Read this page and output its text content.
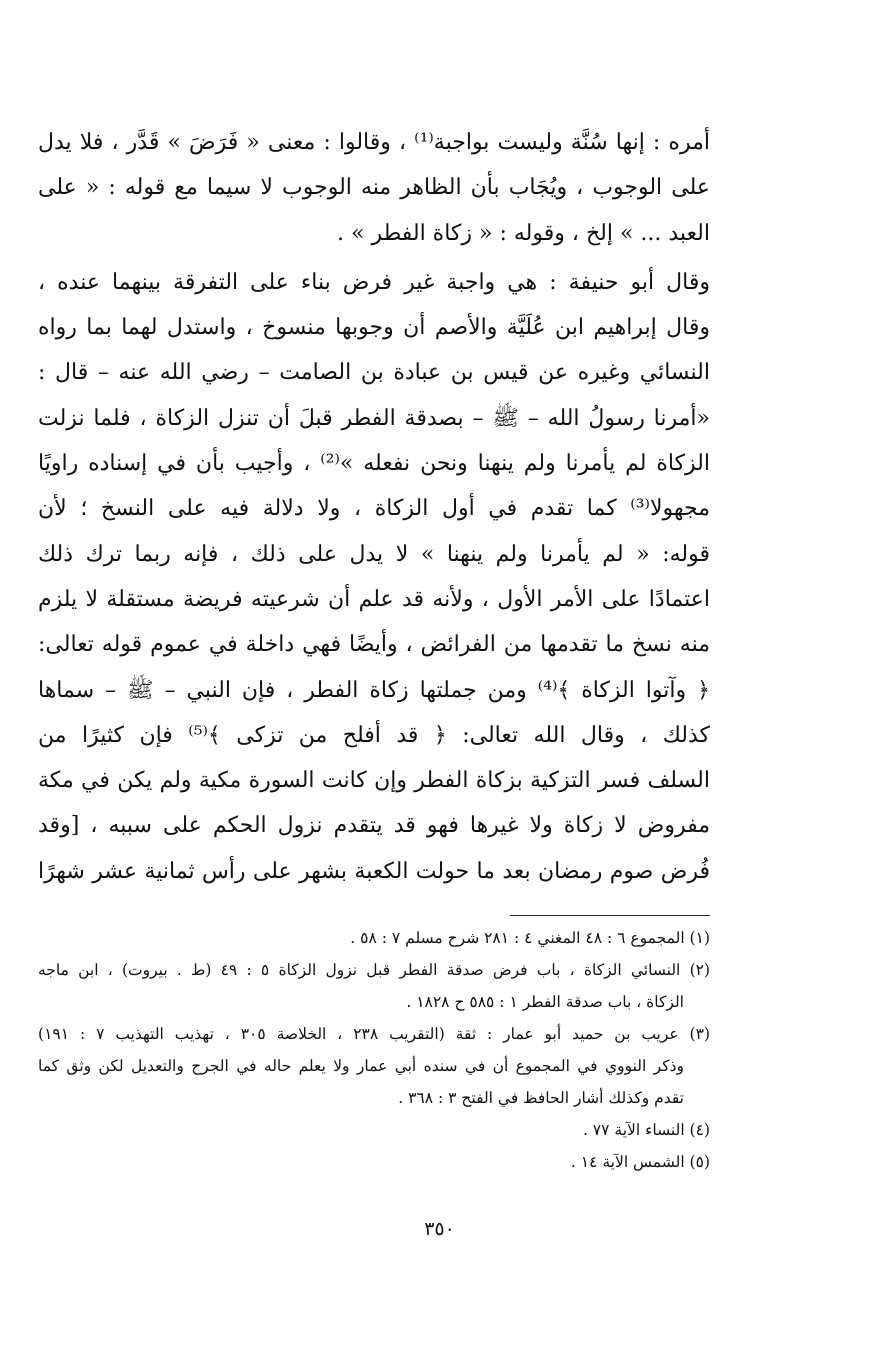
أمره : إنها سُنَّة وليست بواجبة⁽¹⁾ ، وقالوا : معنى « فَرَضَ » قَدَّر ، فلا يدل
على الوجوب ، ويُجَاب بأن الظاهر منه الوجوب لا سيما مع قوله : « على
العبد ... » إلخ ، وقوله : « زكاة الفطر » .
وقال أبو حنيفة : هي واجبة غير فرض بناء على التفرقة بينهما عنده ،
وقال إبراهيم ابن عُلَيَّة والأصم أن وجوبها منسوخ ، واستدل لهما بما رواه
النسائي وغيره عن قيس بن عبادة بن الصامت – رضي الله عنه – قال :
«أمرنا رسولُ الله – ﷺ – بصدقة الفطر قبلَ أن تنزل الزكاة ، فلما نزلت
الزكاة لم يأمرنا ولم ينهنا ونحن نفعله »⁽²⁾ ، وأجيب بأن في إسناده راويًا
مجهولا⁽³⁾ كما تقدم في أول الزكاة ، ولا دلالة فيه على النسخ ؛ لأن
قوله: « لم يأمرنا ولم ينهنا » لا يدل على ذلك ، فإنه ربما ترك ذلك
اعتمادًا على الأمر الأول ، ولأنه قد علم أن شرعيته فريضة مستقلة لا يلزم
منه نسخ ما تقدمها من الفرائض ، وأيضًا فهي داخلة في عموم قوله تعالى:
﴿ وآتوا الزكاة ﴾⁽⁴⁾ ومن جملتها زكاة الفطر ، فإن النبي – ﷺ – سماها
كذلك ، وقال الله تعالى: ﴿ قد أفلح من تزكى ﴾⁽⁵⁾ فإن كثيرًا من
السلف فسر التزكية بزكاة الفطر وإن كانت السورة مكية ولم يكن في مكة
مفروض لا زكاة ولا غيرها فهو قد يتقدم نزول الحكم على سببه ، [وقد
فُرض صوم رمضان بعد ما حولت الكعبة بشهر على رأس ثمانية عشر شهرًا
(١) المجموع ٦ : ٤٨ المغني ٤ : ٢٨١ شرح مسلم ٧ : ٥٨ .
(٢) النسائي الزكاة ، باب فرض صدقة الفطر قبل نزول الزكاة ٥ : ٤٩ (ط . بيروت) ، ابن ماجه
الزكاة ، باب صدقة الفطر ١ : ٥٨٥ ح ١٨٢٨ .
(٣) عريب بن حميد أبو عمار : ثقة (التقريب ٢٣٨ ، الخلاصة ٣٠٥ ، تهذيب التهذيب ٧ : ١٩١)
وذكر النووي في المجموع أن في سنده أبي عمار ولا يعلم حاله في الجرح والتعديل لكن وثق كما
تقدم وكذلك أشار الحافظ في الفتح ٣ : ٣٦٨ .
(٤) النساء الآية ٧٧ .
(٥) الشمس الآية ١٤ .
٣٥٠
